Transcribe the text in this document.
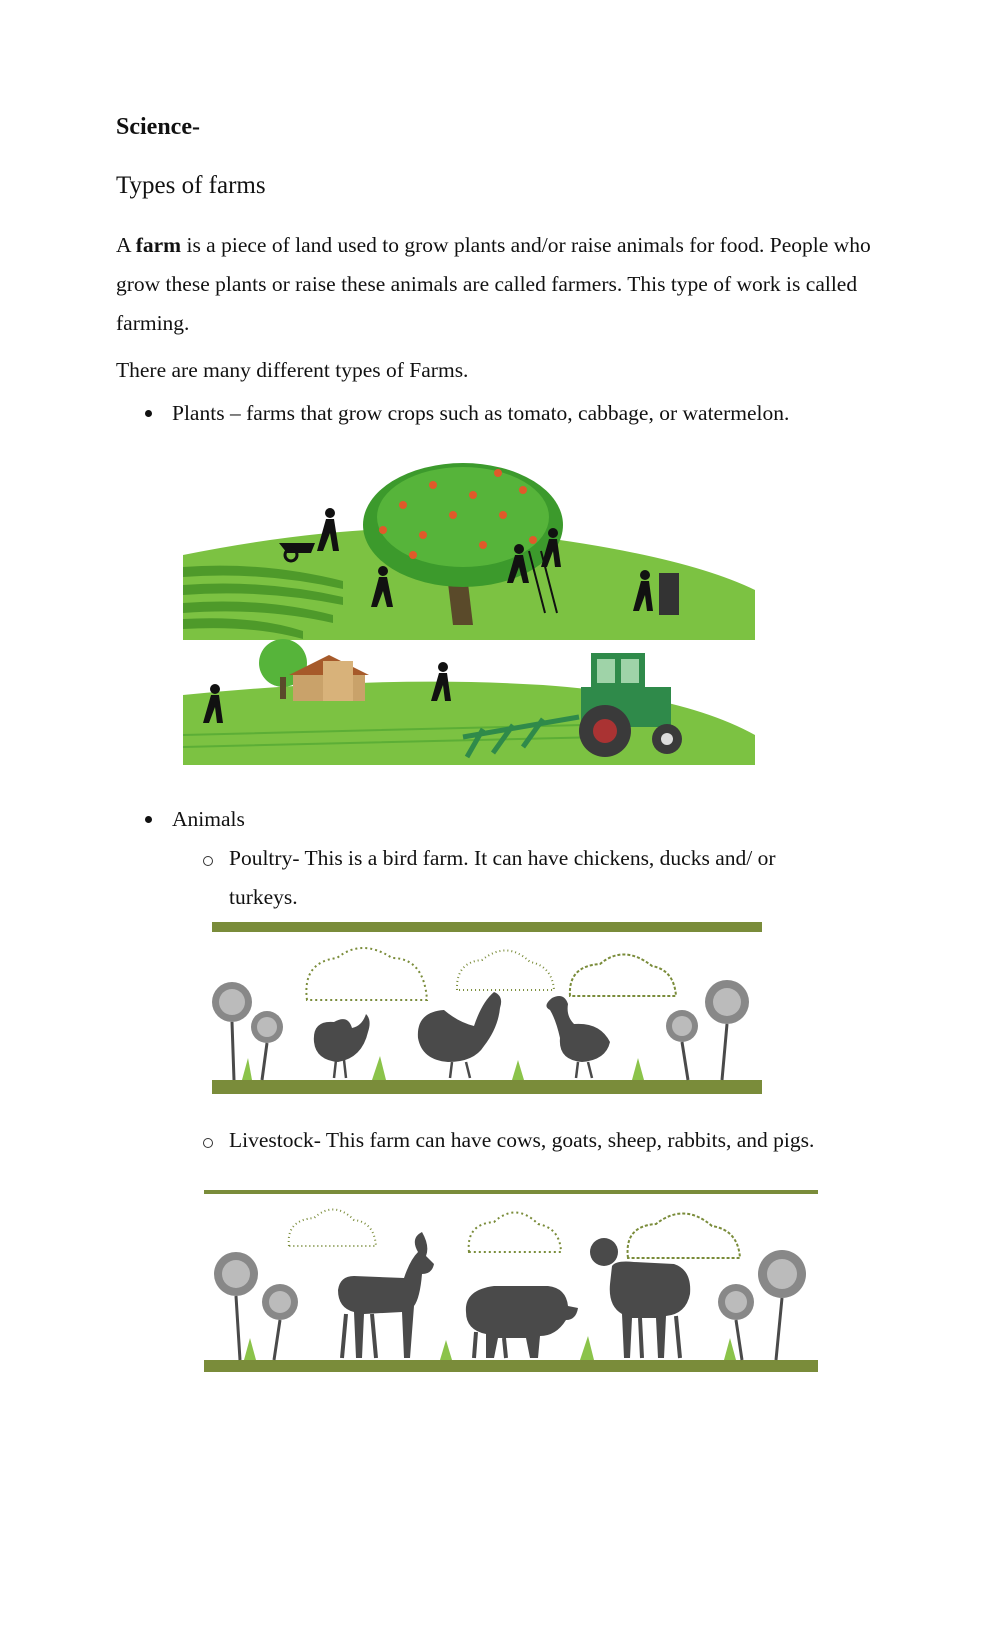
Science-
Types of farms

A farm is a piece of land used to grow plants and/or raise animals for food. People who grow these plants or raise these animals are called farmers. This type of work is called farming.

There are many different types of Farms.

Plants – farms that grow crops such as tomato, cabbage, or watermelon.

Animals

Poultry- This is a bird farm. It can have chickens, ducks and/ or turkeys.

Livestock- This farm can have cows, goats, sheep, rabbits, and pigs.
